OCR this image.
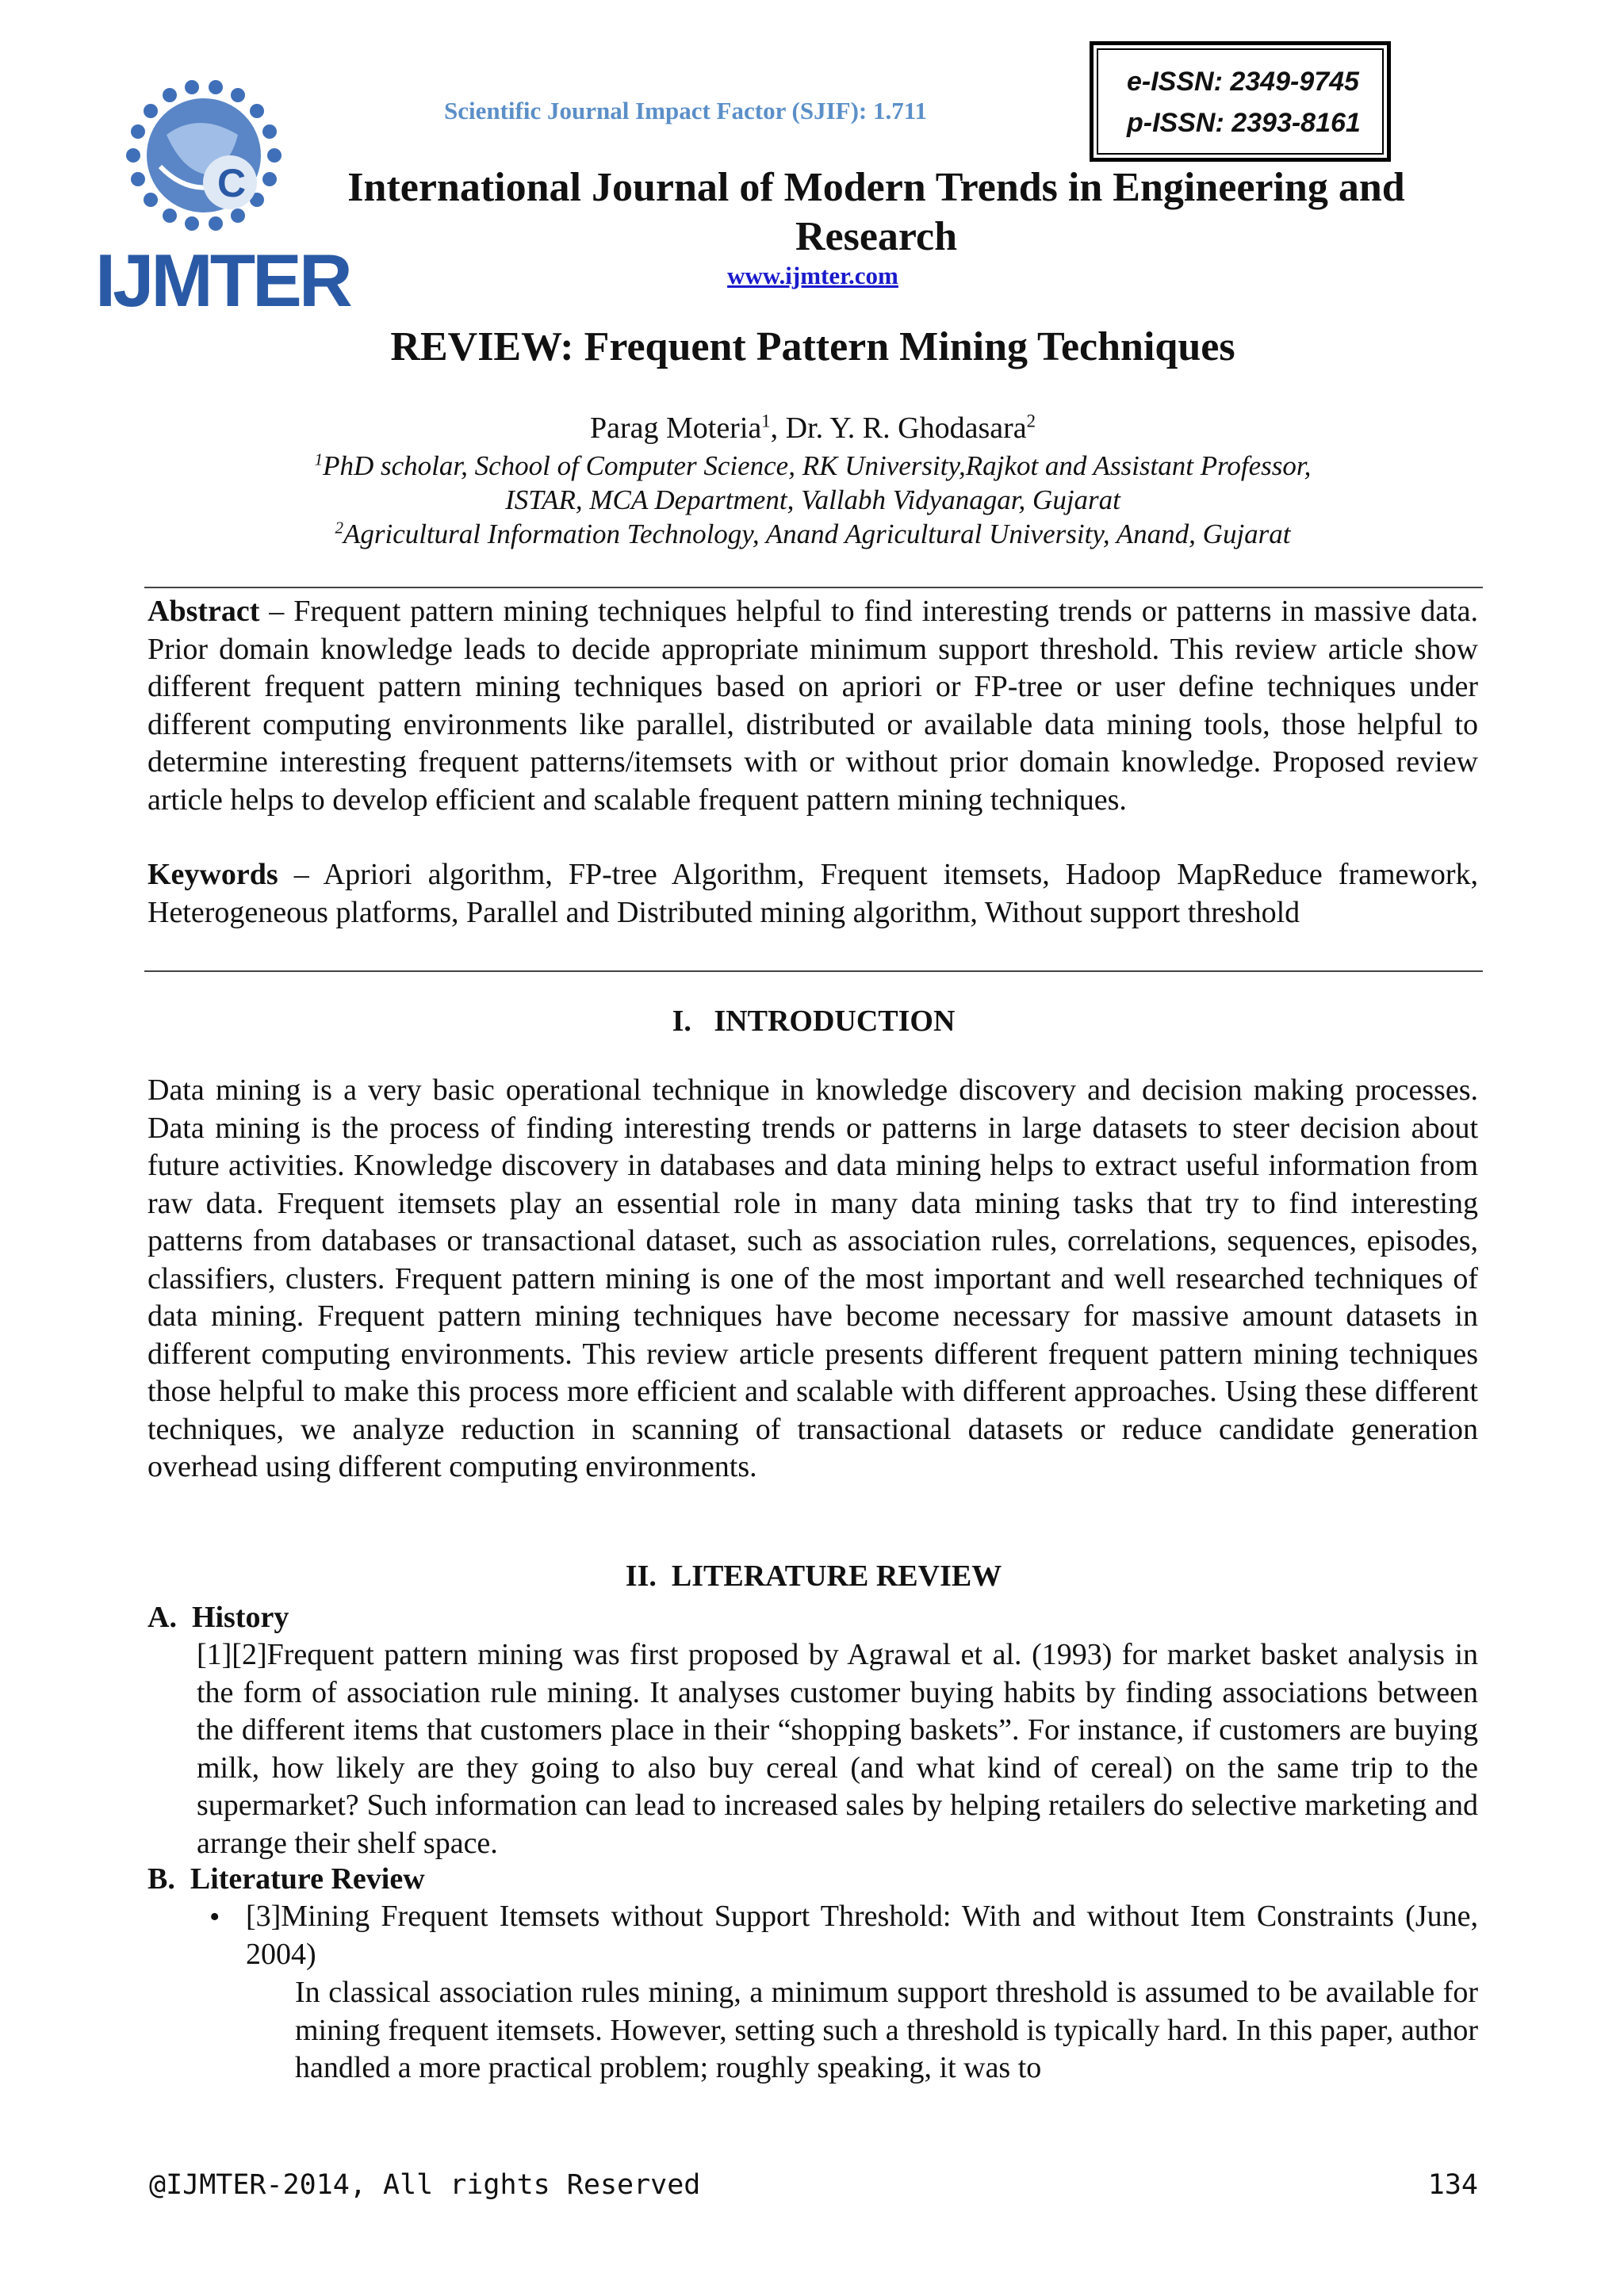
C
IJMTER
Scientific Journal Impact Factor (SJIF): 1.711
e-ISSN: 2349-9745
p-ISSN: 2393-8161
International Journal of Modern Trends in Engineering and Research
www.ijmter.com
REVIEW: Frequent Pattern Mining Techniques
Parag Moteria$^1$, Dr. Y. R. Ghodasara$^2$
$^1$PhD scholar, School of Computer Science, RK University,Rajkot and Assistant Professor,
ISTAR, MCA Department, Vallabh Vidyanagar, Gujarat
$^2$Agricultural Information Technology, Anand Agricultural University, Anand, Gujarat
Abstract – Frequent pattern mining techniques helpful to find interesting trends or patterns in massive data. Prior domain knowledge leads to decide appropriate minimum support threshold. This review article show different frequent pattern mining techniques based on apriori or FP-tree or user define techniques under different computing environments like parallel, distributed or available data mining tools, those helpful to determine interesting frequent patterns/itemsets with or without prior domain knowledge. Proposed review article helps to develop efficient and scalable frequent pattern mining techniques.
Keywords – Apriori algorithm, FP-tree Algorithm, Frequent itemsets, Hadoop MapReduce framework, Heterogeneous platforms, Parallel and Distributed mining algorithm, Without support threshold
I.   INTRODUCTION
Data mining is a very basic operational technique in knowledge discovery and decision making processes. Data mining is the process of finding interesting trends or patterns in large datasets to steer decision about future activities. Knowledge discovery in databases and data mining helps to extract useful information from raw data. Frequent itemsets play an essential role in many data mining tasks that try to find interesting patterns from databases or transactional dataset, such as association rules, correlations, sequences, episodes, classifiers, clusters. Frequent pattern mining is one of the most important and well researched techniques of data mining. Frequent pattern mining techniques have become necessary for massive amount datasets in different computing environments. This review article presents different frequent pattern mining techniques those helpful to make this process more efficient and scalable with different approaches. Using these different techniques, we analyze reduction in scanning of transactional datasets or reduce candidate generation overhead using different computing environments.
II.  LITERATURE REVIEW
A.  History
[1][2]Frequent pattern mining was first proposed by Agrawal et al. (1993) for market basket analysis in the form of association rule mining. It analyses customer buying habits by finding associations between the different items that customers place in their “shopping baskets”. For instance, if customers are buying milk, how likely are they going to also buy cereal (and what kind of cereal) on the same trip to the supermarket? Such information can lead to increased sales by helping retailers do selective marketing and arrange their shelf space.
B.  Literature Review
• [3]Mining Frequent Itemsets without Support Threshold: With and without Item Constraints (June, 2004)
In classical association rules mining, a minimum support threshold is assumed to be available for mining frequent itemsets. However, setting such a threshold is typically hard. In this paper, author handled a more practical problem; roughly speaking, it was to
@IJMTER-2014, All rights Reserved	134
